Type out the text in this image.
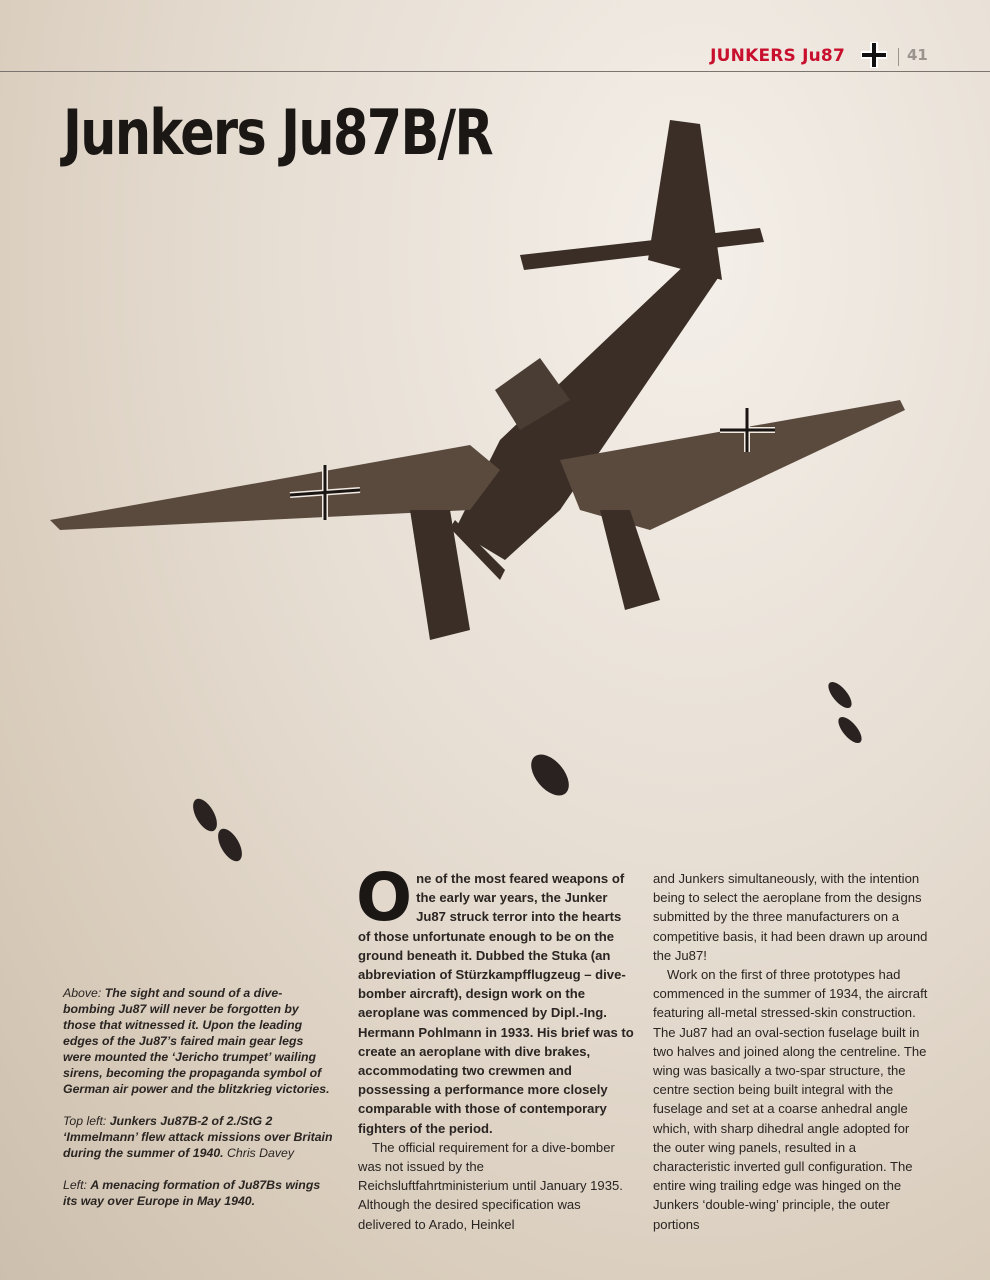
JUNKERS Ju87	41
Junkers Ju87B/R

Above: The sight and sound of a dive-bombing Ju87 will never be forgotten by those that witnessed it. Upon the leading edges of the Ju87’s faired main gear legs were mounted the ‘Jericho trumpet’ wailing sirens, becoming the propaganda symbol of German air power and the blitzkrieg victories.

Top left: Junkers Ju87B-2 of 2./StG 2 ‘Immelmann’ flew attack missions over Britain during the summer of 1940. Chris Davey

Left: A menacing formation of Ju87Bs wings its way over Europe in May 1940.

One of the most feared weapons of the early war years, the Junker Ju87 struck terror into the hearts of those unfortunate enough to be on the ground beneath it. Dubbed the Stuka (an abbreviation of Stürzkampfflugzeug – dive-bomber aircraft), design work on the aeroplane was commenced by Dipl.-Ing. Hermann Pohlmann in 1933. His brief was to create an aeroplane with dive brakes, accommodating two crewmen and possessing a performance more closely comparable with those of contemporary fighters of the period.

The official requirement for a dive-bomber was not issued by the Reichsluftfahrtministerium until January 1935. Although the desired specification was delivered to Arado, Heinkel

and Junkers simultaneously, with the intention being to select the aeroplane from the designs submitted by the three manufacturers on a competitive basis, it had been drawn up around the Ju87!

Work on the first of three prototypes had commenced in the summer of 1934, the aircraft featuring all-metal stressed-skin construction. The Ju87 had an oval-section fuselage built in two halves and joined along the centreline. The wing was basically a two-spar structure, the centre section being built integral with the fuselage and set at a coarse anhedral angle which, with sharp dihedral angle adopted for the outer wing panels, resulted in a characteristic inverted gull configuration. The entire wing trailing edge was hinged on the Junkers ‘double-wing’ principle, the outer portions
